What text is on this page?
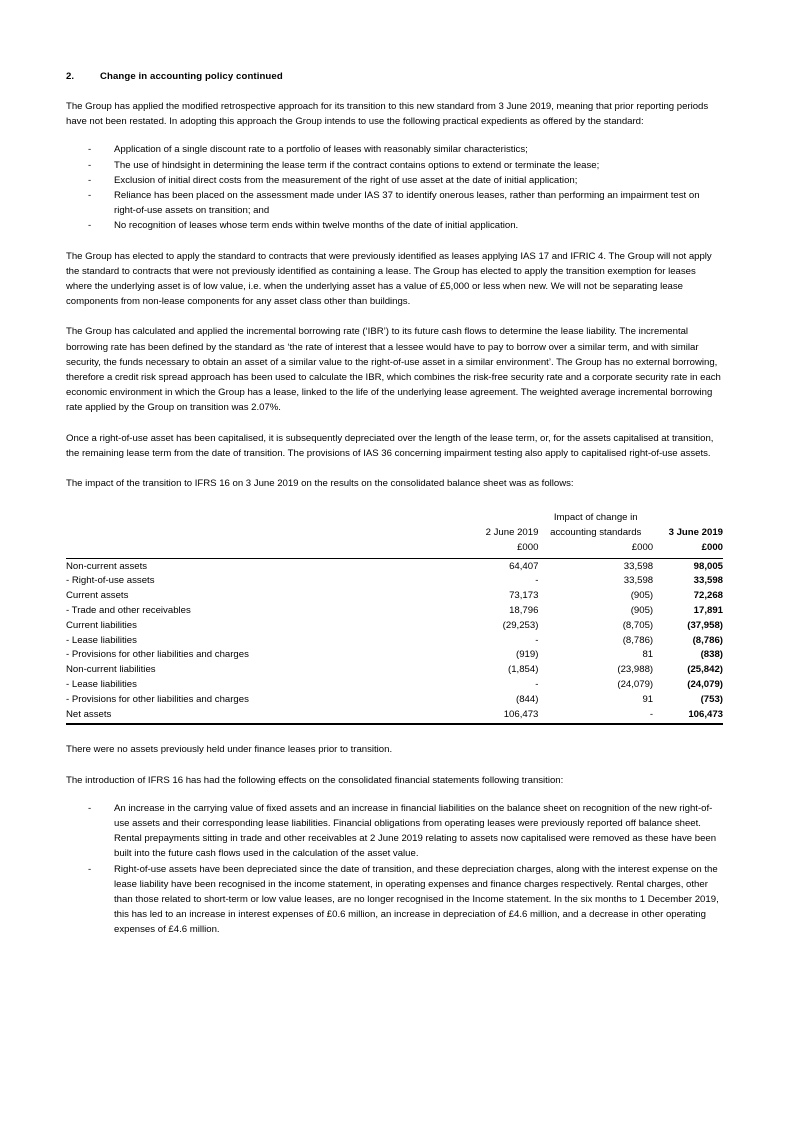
2.	Change in accounting policy continued

The Group has applied the modified retrospective approach for its transition to this new standard from 3 June 2019, meaning that prior reporting periods have not been restated. In adopting this approach the Group intends to use the following practical expedients as offered by the standard:

- Application of a single discount rate to a portfolio of leases with reasonably similar characteristics;
- The use of hindsight in determining the lease term if the contract contains options to extend or terminate the lease;
- Exclusion of initial direct costs from the measurement of the right of use asset at the date of initial application;
- Reliance has been placed on the assessment made under IAS 37 to identify onerous leases, rather than performing an impairment test on right-of-use assets on transition; and
- No recognition of leases whose term ends within twelve months of the date of initial application.

The Group has elected to apply the standard to contracts that were previously identified as leases applying IAS 17 and IFRIC 4. The Group will not apply the standard to contracts that were not previously identified as containing a lease. The Group has elected to apply the transition exemption for leases where the underlying asset is of low value, i.e. when the underlying asset has a value of £5,000 or less when new. We will not be separating lease components from non-lease components for any asset class other than buildings.

The Group has calculated and applied the incremental borrowing rate (‘IBR’) to its future cash flows to determine the lease liability. The incremental borrowing rate has been defined by the standard as ‘the rate of interest that a lessee would have to pay to borrow over a similar term, and with similar security, the funds necessary to obtain an asset of a similar value to the right-of-use asset in a similar environment’. The Group has no external borrowing, therefore a credit risk spread approach has been used to calculate the IBR, which combines the risk-free security rate and a corporate security rate in each economic environment in which the Group has a lease, linked to the life of the underlying lease agreement. The weighted average incremental borrowing rate applied by the Group on transition was 2.07%.

Once a right-of-use asset has been capitalised, it is subsequently depreciated over the length of the lease term, or, for the assets capitalised at transition, the remaining lease term from the date of transition. The provisions of IAS 36 concerning impairment testing also apply to capitalised right-of-use assets.

The impact of the transition to IFRS 16 on 3 June 2019 on the results on the consolidated balance sheet was as follows:

		Impact of change in	
	2 June 2019	accounting standards	3 June 2019
	£000	£000	£000
Non-current assets	64,407	33,598	98,005
- Right-of-use assets	-	33,598	33,598
Current assets	73,173	(905)	72,268
- Trade and other receivables	18,796	(905)	17,891
Current liabilities	(29,253)	(8,705)	(37,958)
- Lease liabilities	-	(8,786)	(8,786)
- Provisions for other liabilities and charges	(919)	81	(838)
Non-current liabilities	(1,854)	(23,988)	(25,842)
- Lease liabilities	-	(24,079)	(24,079)
- Provisions for other liabilities and charges	(844)	91	(753)
Net assets	106,473	-	106,473

There were no assets previously held under finance leases prior to transition.

The introduction of IFRS 16 has had the following effects on the consolidated financial statements following transition:

- An increase in the carrying value of fixed assets and an increase in financial liabilities on the balance sheet on recognition of the new right-of-use assets and their corresponding lease liabilities. Financial obligations from operating leases were previously reported off balance sheet. Rental prepayments sitting in trade and other receivables at 2 June 2019 relating to assets now capitalised were removed as these have been built into the future cash flows used in the calculation of the asset value.
- Right-of-use assets have been depreciated since the date of transition, and these depreciation charges, along with the interest expense on the lease liability have been recognised in the income statement, in operating expenses and finance charges respectively. Rental charges, other than those related to short-term or low value leases, are no longer recognised in the Income statement. In the six months to 1 December 2019, this has led to an increase in interest expenses of £0.6 million, an increase in depreciation of £4.6 million, and a decrease in other operating expenses of £4.6 million.
